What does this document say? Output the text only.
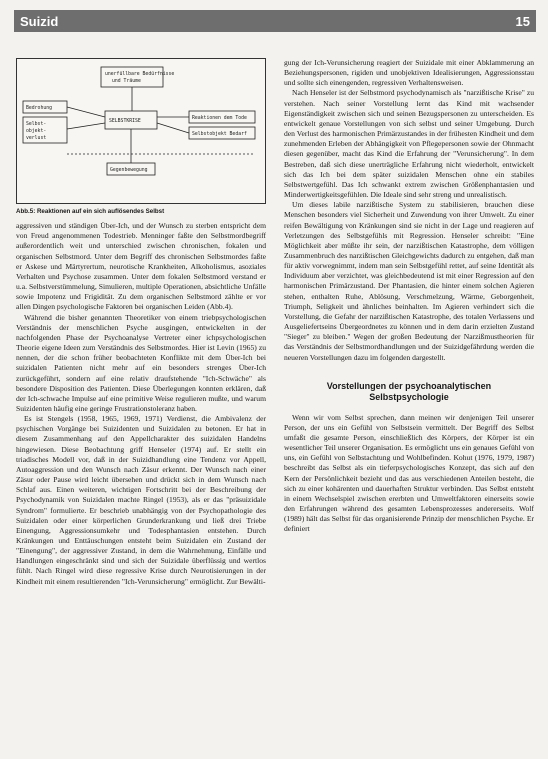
Suizid	15
unerfüllbare Bedürfnisse
und Träume
Bedrohung
Selbst-
objekt-
verlust
SELBSTKRISE
Reaktionen dem Tode
Selbstobjekt Bedarf
Gegenbewegung
Abb.5: Reaktionen auf ein sich auflösendes Selbst

aggressiven und ständigen Über-Ich, und der Wunsch zu sterben entspricht dem von Freud angenommenen Todestrieb. Menninger faßte den Selbstmordbegriff außerordentlich weit und unterschied zwischen chronischen, fokalen und organischen Selbstmord. Unter dem Begriff des chronischen Selbstmordes faßte er Askese und Märtyrertum, neurotische Krankheiten, Alkoholismus, asoziales Verhalten und Psychose zusammen. Unter dem fokalen Selbstmord verstand er u.a. Selbstverstümmelung, Simulieren, multiple Operationen, absichtliche Unfälle sowie Impotenz und Frigidität. Zu dem organischen Selbstmord zählte er vor allen Dingen psychologische Faktoren bei organischen Leiden (Abb.4).

Während die bisher genannten Theoretiker von einem triebpsychologischen Verständnis der menschlichen Psyche ausgingen, entwickelten in der nachfolgenden Phase der Psychoanalyse Vertreter einer ichpsychologischen Theorie eigene Ideen zum Verständnis des Selbstmordes. Hier ist Levin (1965) zu nennen, der die schon früher beobachteten Konflikte mit dem Über-Ich bei suizidalen Patienten nicht mehr auf ein besonders strenges Über-Ich zurückgeführt, sondern auf eine relativ draufstehende "Ich-Schwäche" als besondere Disposition des Patienten. Diese Überlegungen konnten erklären, daß der Ich-schwache Impulse auf eine primitive Weise regulieren mußte, und warum Suizidenten häufig eine geringe Frustrationstoleranz haben.

Es ist Stengels (1958, 1965, 1969, 1971) Verdienst, die Ambivalenz der psychischen Vorgänge bei Suizidenten und Suizidalen zu betonen. Er hat in diesem Zusammenhang auf den Appellcharakter des suizidalen Handelns hingewiesen. Diese Beobachtung griff Henseler (1974) auf. Er stellt ein triadisches Modell vor, daß in der Suizidhandlung eine Tendenz vor Appell, Autoaggression und den Wunsch nach Zäsur erkennt. Der Wunsch nach einer Zäsur oder Pause wird leicht übersehen und drückt sich in dem Wunsch nach Schlaf aus. Einen weiteren, wichtigen Fortschritt bei der Beschreibung der Psychodynamik von Suizidalen machte Ringel (1953), als er das "präsuizidale Syndrom" formulierte. Er beschrieb unabhängig von der Psychopathologie des Suizidalen oder einer körperlichen Grunderkrankung und ließ drei Triebe Einengung, Aggressionsumkehr und Todesphantasien entstehen. Durch Kränkungen und Enttäuschungen entsteht beim Suizidalen ein Zustand der "Einengung", der aggressiver Zustand, in dem die Wahrnehmung, Einfälle und Handlungen eingeschränkt sind und sich der Suizidale überflüssig und wertlos fühlt. Nach Ringel wird diese regressive Krise durch Neurotisierungen in der Kindheit mit einem resultierenden "Ich-Verunsicherung" ermöglicht. Zur Bewälti-

gung der Ich-Verunsicherung reagiert der Suizidale mit einer Abklammerung an Beziehungspersonen, rigiden und unobjektiven Idealisierungen, Aggressionsstau und sollte sich einengenden, regressiven Verhaltensweisen.

Nach Henseler ist der Selbstmord psychodynamisch als "narzißtische Krise" zu verstehen. Nach seiner Vorstellung lernt das Kind mit wachsender Eigenständigkeit zwischen sich und seinen Bezugspersonen zu unterscheiden. Es entwickelt genaue Vorstellungen von sich selbst und seiner Umgebung. Durch den Verlust des harmonischen Primärzustandes in der frühesten Kindheit und dem zunehmenden Erleben der Abhängigkeit von Pflegepersonen sowie der Ohnmacht diesen gegenüber, macht das Kind die Erfahrung der "Verunsicherung". In dem Bestreben, daß sich diese unerträgliche Erfahrung nicht wiederholt, entwickelt sich das Ich bei dem später suizidalen Menschen ohne ein stabiles Selbstwertgefühl. Das Ich schwankt extrem zwischen Größenphantasien und Minderwertigkeitsgefühlen. Die Ideale sind sehr streng und unrealistisch.

Um dieses labile narzißtische System zu stabilisieren, brauchen diese Menschen besonders viel Sicherheit und Zuwendung von ihrer Umwelt. Zu einer reifen Bewältigung von Kränkungen sind sie nicht in der Lage und reagieren auf Verletzungen des Selbstgefühls mit Regression. Henseler schreibt: "Eine Möglichkeit aber müßte ihr sein, der narzißtischen Katastrophe, dem völligen Zusammenbruch des narzißtischen Gleichgewichts dadurch zu entgehen, daß man für aktiv vorwegnimmt, indem man sein Selbstgefühl rettet, auf seine Identität als Individuum aber verzichtet, was gleichbedeutend ist mit einer Regression auf den harmonischen Primärzustand. Der Phantasien, die hinter einem solchen Agieren stehen, enthalten Ruhe, Ablösung, Verschmelzung, Wärme, Geborgenheit, Triumph, Seligkeit und ähnliches beinhalten. Im Agieren verhindert sich die Vorstellung, die Gefahr der narzißtischen Katastrophe, des totalen Verlassens und Ausgeliefertseins Übergeordnetes zu können und in dem darin erzielten Zustand "Sieger" zu bleiben." Wegen der großen Bedeutung der Narzißmustheorien für das Verständnis der Selbstmordhandlungen und der Suizidgefährdung werden die neueren Vorstellungen dazu im folgenden dargestellt.

Vorstellungen der psychoanalytischen
Selbstpsychologie

Wenn wir vom Selbst sprechen, dann meinen wir denjenigen Teil unserer Person, der uns ein Gefühl von Selbstsein vermittelt. Der Begriff des Selbst umfaßt die gesamte Person, einschließlich des Körpers, der Körper ist ein wesentlicher Teil unserer Organisation. Es ermöglicht uns ein genaues Gefühl von uns, ein Gefühl von Selbstachtung und Wohlbefinden. Kohut (1976, 1979, 1987) beschreibt das Selbst als ein tieferpsychologisches Konzept, das sich auf den Kern der Persönlichkeit bezieht und das aus verschiedenen Anteilen besteht, die sich zu einer kohärenten und dauerhaften Struktur verbinden. Das Selbst entsteht in einem Wechselspiel zwischen ererbten und Umweltfaktoren einerseits sowie den Erfahrungen während des gesamten Lebensprozesses andererseits. Wolf (1989) hält das Selbst für das organisierende Prinzip der menschlichen Psyche. Er definiert
